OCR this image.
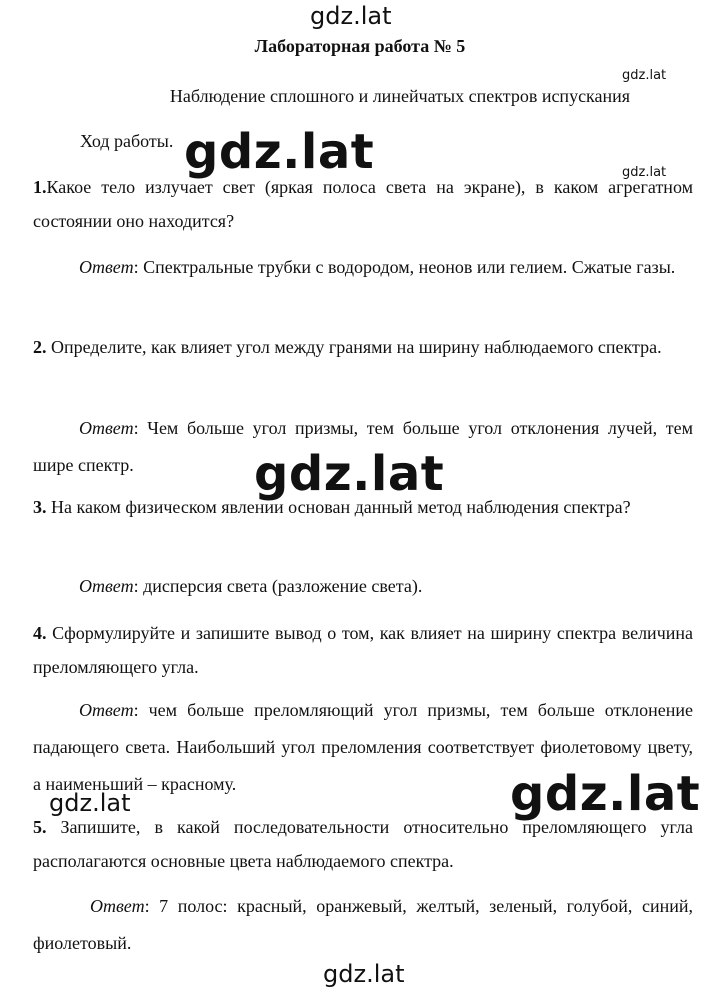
gdz.lat
gdz.lat
gdz.lat
Лабораторная работа № 5
Наблюдение сплошного и линейчатых спектров испускания
Ход работы.
1.Какое тело излучает свет (яркая полоса света на экране), в каком агрегатном состоянии оно находится?
Ответ: Спектральные трубки с водородом, неонов или гелием. Сжатые газы.
2. Определите, как влияет угол между гранями на ширину наблюдаемого спектра.
Ответ: Чем больше угол призмы, тем больше угол отклонения лучей, тем шире спектр.
3. На каком физическом явлении основан данный метод наблюдения спектра?
Ответ: дисперсия света (разложение света).
4. Сформулируйте и запишите вывод о том, как влияет на ширину спектра величина преломляющего угла.
Ответ: чем больше преломляющий угол призмы, тем больше отклонение падающего света. Наибольший угол преломления соответствует фиолетовому цвету, а наименьший – красному.
5. Запишите, в какой последовательности относительно преломляющего угла располагаются основные цвета наблюдаемого спектра.
Ответ: 7 полос: красный, оранжевый, желтый, зеленый, голубой, синий, фиолетовый.
gdz.lat
gdz.lat
gdz.lat	gdz.lat
gdz.lat
